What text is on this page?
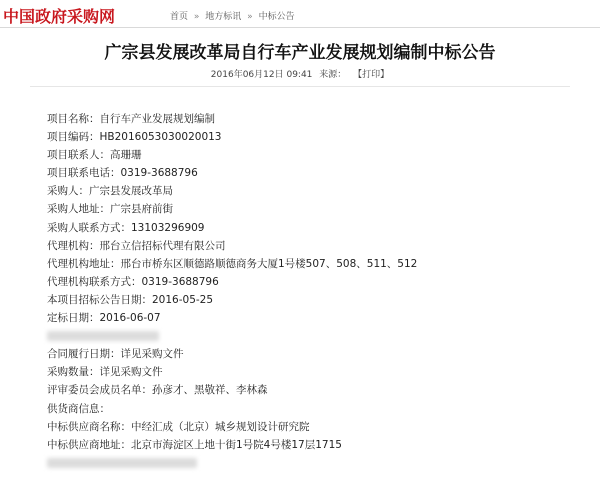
中国政府采购网	首页 » 地方标讯 » 中标公告
广宗县发展改革局自行车产业发展规划编制中标公告
2016年06月12日 09:41 来源： 【打印】
项目名称：自行车产业发展规划编制
项目编码：HB2016053030020013
项目联系人：高珊珊
项目联系电话：0319-3688796
采购人：广宗县发展改革局
采购人地址：广宗县府前街
采购人联系方式：13103296909
代理机构：邢台立信招标代理有限公司
代理机构地址：邢台市桥东区顺德路顺德商务大厦1号楼507、508、511、512
代理机构联系方式：0319-3688796
本项目招标公告日期：2016-05-25
定标日期：2016-06-07
合同履行日期：详见采购文件
采购数量：详见采购文件
评审委员会成员名单：孙彦才、黑敬祥、李林森
供货商信息：
中标供应商名称：中经汇成（北京）城乡规划设计研究院
中标供应商地址：北京市海淀区上地十街1号院4号楼17层1715
